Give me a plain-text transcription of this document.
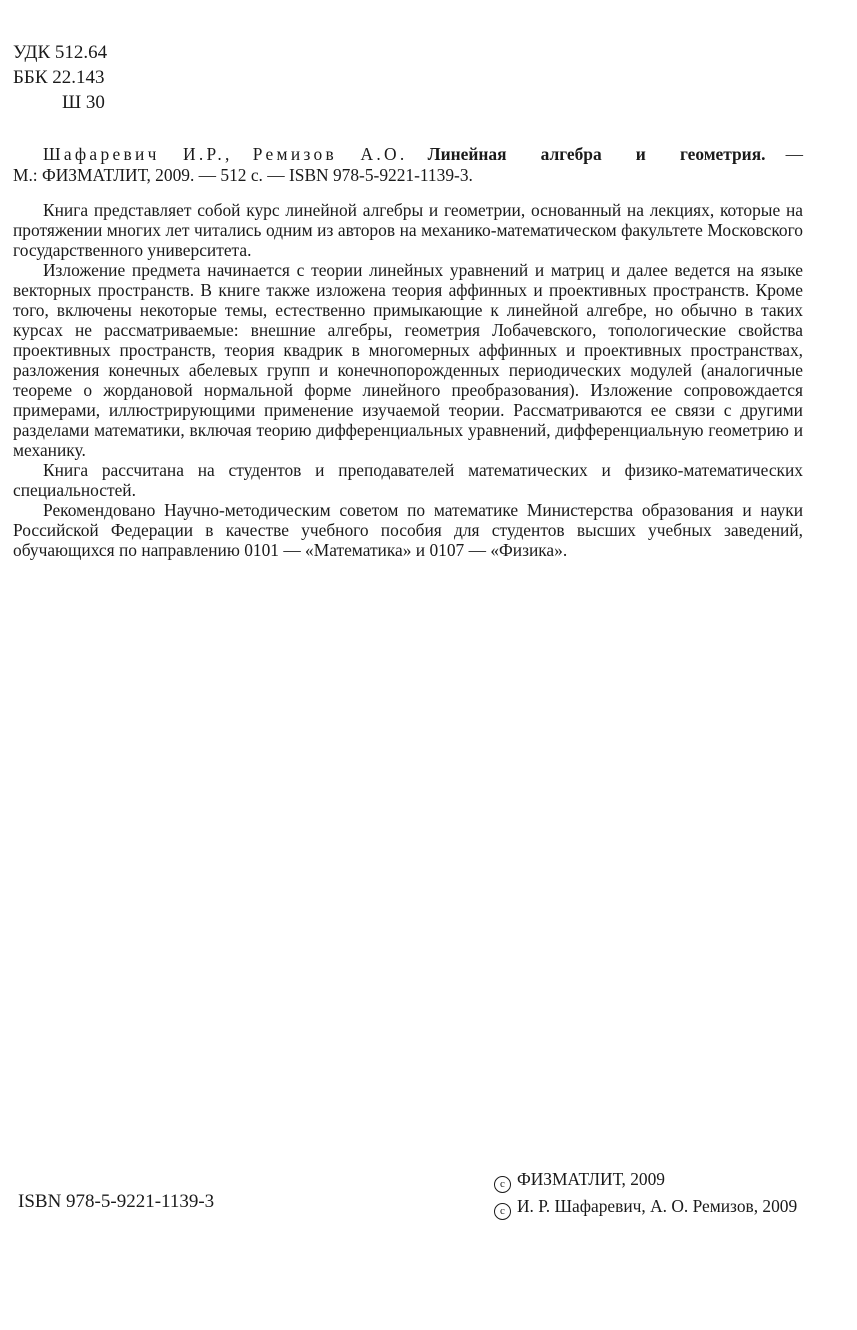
УДК 512.64
ББК 22.143
Ш 30
Шафаревич И.Р., Ремизов А.О. Линейная алгебра и геометрия. —
М.: ФИЗМАТЛИТ, 2009. — 512 с. — ISBN 978-5-9221-1139-3.

Книга представляет собой курс линейной алгебры и геометрии, основанный на лекциях, которые на протяжении многих лет читались одним из авторов на механико-математическом факультете Московского государственного университета.

Изложение предмета начинается с теории линейных уравнений и матриц и далее ведется на языке векторных пространств. В книге также изложена теория аффинных и проективных пространств. Кроме того, включены некоторые темы, естественно примыкающие к линейной алгебре, но обычно в таких курсах не рассматриваемые: внешние алгебры, геометрия Лобачевского, топологические свойства проективных пространств, теория квадрик в многомерных аффинных и проективных пространствах, разложения конечных абелевых групп и конечнопорожденных периодических модулей (аналогичные теореме о жордановой нормальной форме линейного преобразования). Изложение сопровождается примерами, иллюстрирующими применение изучаемой теории. Рассматриваются ее связи с другими разделами математики, включая теорию дифференциальных уравнений, дифференциальную геометрию и механику.

Книга рассчитана на студентов и преподавателей математических и физико-математических специальностей.

Рекомендовано Научно-методическим советом по математике Министерства образования и науки Российской Федерации в качестве учебного пособия для студентов высших учебных заведений, обучающихся по направлению 0101 — «Математика» и 0107 — «Физика».

ISBN 978-5-9221-1139-3
c ФИЗМАТЛИТ, 2009
c И. Р. Шафаревич, А. О. Ремизов, 2009
